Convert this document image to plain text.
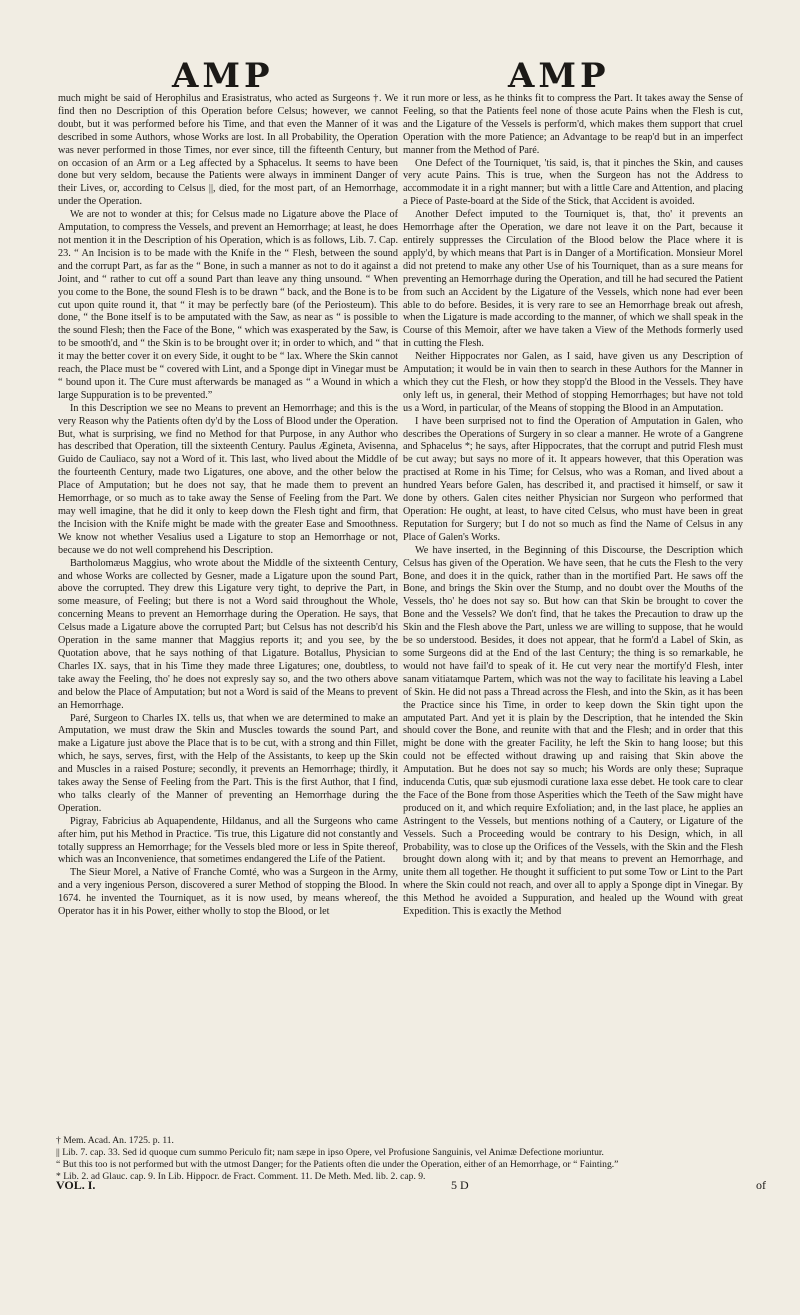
AMP	AMP

much might be said of Herophilus and Erasistratus, who acted as Surgeons †. We find then no Description of this Operation before Celsus; however, we cannot doubt, but it was performed before his Time, and that even the Manner of it was described in some Authors, whose Works are lost. In all Probability, the Operation was never performed in those Times, nor ever since, till the fifteenth Century, but on occasion of an Arm or a Leg affected by a Sphacelus. It seems to have been done but very seldom, because the Patients were always in imminent Danger of their Lives, or, according to Celsus ||, died, for the most part, of an Hemorrhage, under the Operation.

We are not to wonder at this; for Celsus made no Ligature above the Place of Amputation, to compress the Vessels, and prevent an Hemorrhage; at least, he does not mention it in the Description of his Operation, which is as follows, Lib. 7. Cap. 23. “ An Incision is to be made with the Knife in the “ Flesh, between the sound and the corrupt Part, as far as the “ Bone, in such a manner as not to do it against a Joint, and “ rather to cut off a sound Part than leave any thing unsound. “ When you come to the Bone, the sound Flesh is to be drawn “ back, and the Bone is to be cut upon quite round it, that “ it may be perfectly bare (of the Periosteum). This done, “ the Bone itself is to be amputated with the Saw, as near as “ is possible to the sound Flesh; then the Face of the Bone, “ which was exasperated by the Saw, is to be smooth'd, and “ the Skin is to be brought over it; in order to which, and “ that it may the better cover it on every Side, it ought to be “ lax. Where the Skin cannot reach, the Place must be “ covered with Lint, and a Sponge dipt in Vinegar must be “ bound upon it. The Cure must afterwards be managed as “ a Wound in which a large Suppuration is to be prevented.”

In this Description we see no Means to prevent an Hemorrhage; and this is the very Reason why the Patients often dy'd by the Loss of Blood under the Operation. But, what is surprising, we find no Method for that Purpose, in any Author who has described that Operation, till the sixteenth Century. Paulus Ægineta, Avisenna, Guido de Cauliaco, say not a Word of it. This last, who lived about the Middle of the fourteenth Century, made two Ligatures, one above, and the other below the Place of Amputation; but he does not say, that he made them to prevent an Hemorrhage, or so much as to take away the Sense of Feeling from the Part. We may well imagine, that he did it only to keep down the Flesh tight and firm, that the Incision with the Knife might be made with the greater Ease and Smoothness. We know not whether Vesalius used a Ligature to stop an Hemorrhage or not, because we do not well comprehend his Description.

Bartholomæus Maggius, who wrote about the Middle of the sixteenth Century, and whose Works are collected by Gesner, made a Ligature upon the sound Part, above the corrupted. They drew this Ligature very tight, to deprive the Part, in some measure, of Feeling; but there is not a Word said throughout the Whole, concerning Means to prevent an Hemorrhage during the Operation. He says, that Celsus made a Ligature above the corrupted Part; but Celsus has not describ'd his Operation in the same manner that Maggius reports it; and you see, by the Quotation above, that he says nothing of that Ligature. Botallus, Physician to Charles IX. says, that in his Time they made three Ligatures; one, doubtless, to take away the Feeling, tho' he does not expresly say so, and the two others above and below the Place of Amputation; but not a Word is said of the Means to prevent an Hemorrhage.

Paré, Surgeon to Charles IX. tells us, that when we are determined to make an Amputation, we must draw the Skin and Muscles towards the sound Part, and make a Ligature just above the Place that is to be cut, with a strong and thin Fillet, which, he says, serves, first, with the Help of the Assistants, to keep up the Skin and Muscles in a raised Posture; secondly, it prevents an Hemorrhage; thirdly, it takes away the Sense of Feeling from the Part. This is the first Author, that I find, who talks clearly of the Manner of preventing an Hemorrhage during the Operation.

Pigray, Fabricius ab Aquapendente, Hildanus, and all the Surgeons who came after him, put his Method in Practice. 'Tis true, this Ligature did not constantly and totally suppress an Hemorrhage; for the Vessels bled more or less in Spite thereof, which was an Inconvenience, that sometimes endangered the Life of the Patient.

The Sieur Morel, a Native of Franche Comté, who was a Surgeon in the Army, and a very ingenious Person, discovered a surer Method of stopping the Blood. In 1674. he invented the Tourniquet, as it is now used, by means whereof, the Operator has it in his Power, either wholly to stop the Blood, or let

it run more or less, as he thinks fit to compress the Part. It takes away the Sense of Feeling, so that the Patients feel none of those acute Pains when the Flesh is cut, and the Ligature of the Vessels is perform'd, which makes them support that cruel Operation with the more Patience; an Advantage to be reap'd but in an imperfect manner from the Method of Paré.

One Defect of the Tourniquet, 'tis said, is, that it pinches the Skin, and causes very acute Pains. This is true, when the Surgeon has not the Address to accommodate it in a right manner; but with a little Care and Attention, and placing a Piece of Paste-board at the Side of the Stick, that Accident is avoided.

Another Defect imputed to the Tourniquet is, that, tho' it prevents an Hemorrhage after the Operation, we dare not leave it on the Part, because it entirely suppresses the Circulation of the Blood below the Place where it is apply'd, by which means that Part is in Danger of a Mortification. Monsieur Morel did not pretend to make any other Use of his Tourniquet, than as a sure means for preventing an Hemorrhage during the Operation, and till he had secured the Patient from such an Accident by the Ligature of the Vessels, which none had ever been able to do before. Besides, it is very rare to see an Hemorrhage break out afresh, when the Ligature is made according to the manner, of which we shall speak in the Course of this Memoir, after we have taken a View of the Methods formerly used in cutting the Flesh.

Neither Hippocrates nor Galen, as I said, have given us any Description of Amputation; it would be in vain then to search in these Authors for the Manner in which they cut the Flesh, or how they stopp'd the Blood in the Vessels. They have only left us, in general, their Method of stopping Hemorrhages; but have not told us a Word, in particular, of the Means of stopping the Blood in an Amputation.

I have been surprised not to find the Operation of Amputation in Galen, who describes the Operations of Surgery in so clear a manner. He wrote of a Gangrene and Sphacelus *; he says, after Hippocrates, that the corrupt and putrid Flesh must be cut away; but says no more of it. It appears however, that this Operation was practised at Rome in his Time; for Celsus, who was a Roman, and lived about a hundred Years before Galen, has described it, and practised it himself, or saw it done by others. Galen cites neither Physician nor Surgeon who performed that Operation: He ought, at least, to have cited Celsus, who must have been in great Reputation for Surgery; but I do not so much as find the Name of Celsus in any Place of Galen's Works.

We have inserted, in the Beginning of this Discourse, the Description which Celsus has given of the Operation. We have seen, that he cuts the Flesh to the very Bone, and does it in the quick, rather than in the mortified Part. He saws off the Bone, and brings the Skin over the Stump, and no doubt over the Mouths of the Vessels, tho' he does not say so. But how can that Skin be brought to cover the Bone and the Vessels? We don't find, that he takes the Precaution to draw up the Skin and the Flesh above the Part, unless we are willing to suppose, that he would be so understood. Besides, it does not appear, that he form'd a Label of Skin, as some Surgeons did at the End of the last Century; the thing is so remarkable, he would not have fail'd to speak of it. He cut very near the mortify'd Flesh, inter sanam vitiatamque Partem, which was not the way to facilitate his leaving a Label of Skin. He did not pass a Thread across the Flesh, and into the Skin, as it has been the Practice since his Time, in order to keep down the Skin tight upon the amputated Part. And yet it is plain by the Description, that he intended the Skin should cover the Bone, and reunite with that and the Flesh; and in order that this might be done with the greater Facility, he left the Skin to hang loose; but this could not be effected without drawing up and raising that Skin above the Amputation. But he does not say so much; his Words are only these; Supraque inducenda Cutis, quæ sub ejusmodi curatione laxa esse debet. He took care to clear the Face of the Bone from those Asperities which the Teeth of the Saw might have produced on it, and which require Exfoliation; and, in the last place, he applies an Astringent to the Vessels, but mentions nothing of a Cautery, or Ligature of the Vessels. Such a Proceeding would be contrary to his Design, which, in all Probability, was to close up the Orifices of the Vessels, with the Skin and the Flesh brought down along with it; and by that means to prevent an Hemorrhage, and unite them all together. He thought it sufficient to put some Tow or Lint to the Part where the Skin could not reach, and over all to apply a Sponge dipt in Vinegar. By this Method he avoided a Suppuration, and healed up the Wound with great Expedition. This is exactly the Method

† Mem. Acad. An. 1725. p. 11.
|| Lib. 7. cap. 33. Sed id quoque cum summo Periculo fit; nam sæpe in ipso Opere, vel Profusione Sanguinis, vel Animæ Defectione moriuntur.
“ But this too is not performed but with the utmost Danger; for the Patients often die under the Operation, either of an Hemorrhage, or “ Fainting.”
* Lib. 2. ad Glauc. cap. 9. In Lib. Hippocr. de Fract. Comment. 11. De Meth. Med. lib. 2. cap. 9.
VOL. I.	5 D	of
